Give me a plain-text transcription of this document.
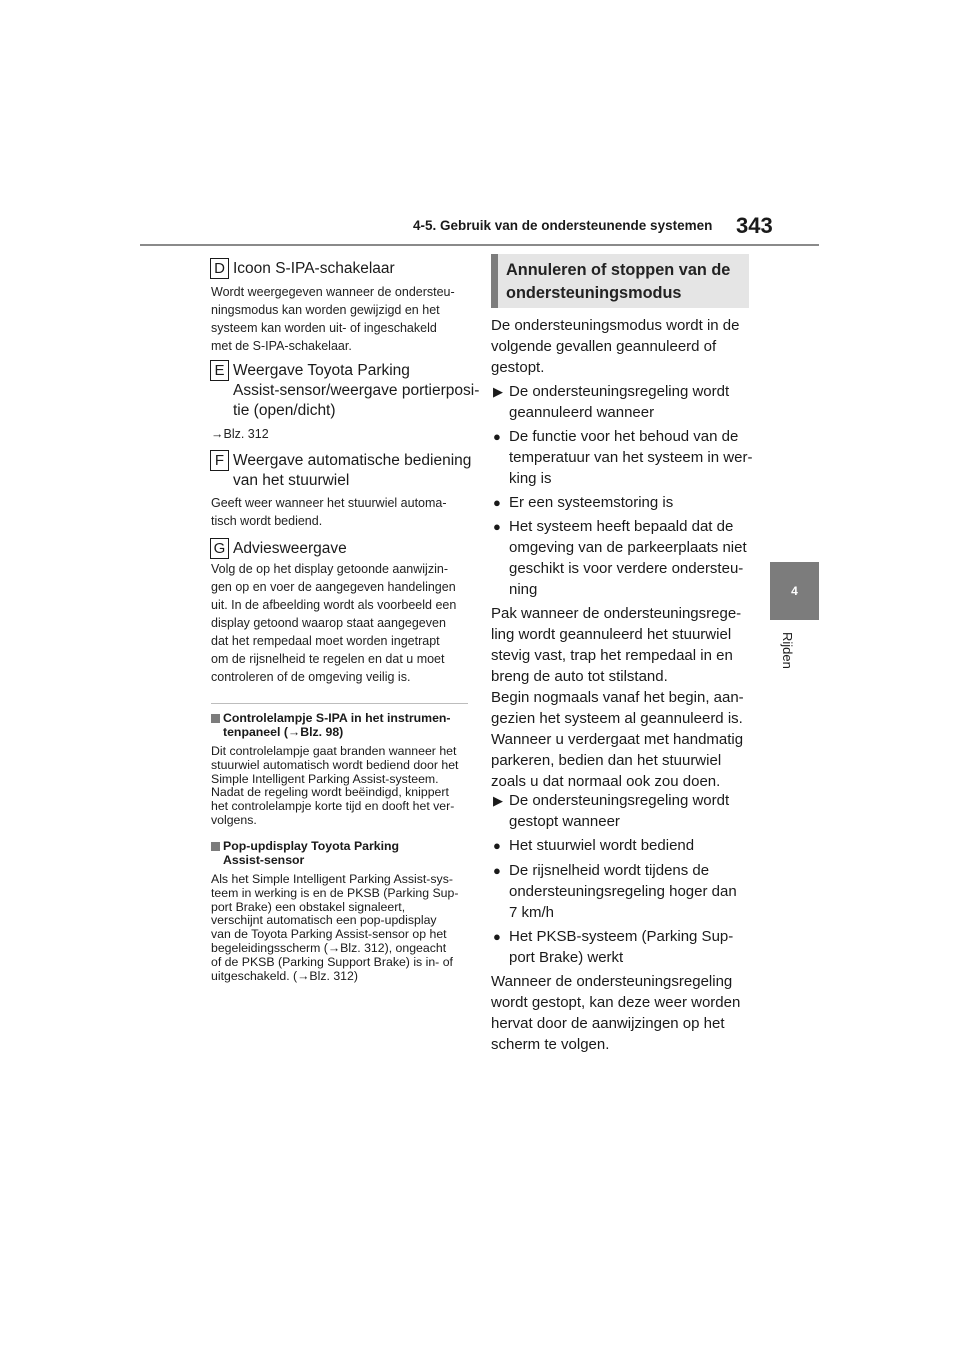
4-5. Gebruik van de ondersteunende systemen 343
4
Rijden
D Icoon S-IPA-schakelaar
Wordt weergegeven wanneer de ondersteu-
ningsmodus kan worden gewijzigd en het
systeem kan worden uit- of ingeschakeld
met de S-IPA-schakelaar.
E Weergave Toyota Parking
Assist-sensor/weergave portierposi-
tie (open/dicht)
→Blz. 312
F Weergave automatische bediening
van het stuurwiel
Geeft weer wanneer het stuurwiel automa-
tisch wordt bediend.
G Adviesweergave
Volg de op het display getoonde aanwijzin-
gen op en voer de aangegeven handelingen
uit. In de afbeelding wordt als voorbeeld een
display getoond waarop staat aangegeven
dat het rempedaal moet worden ingetrapt
om de rijsnelheid te regelen en dat u moet
controleren of de omgeving veilig is.
Controlelampje S-IPA in het instrumen-
tenpaneel (→Blz. 98)
Dit controlelampje gaat branden wanneer het
stuurwiel automatisch wordt bediend door het
Simple Intelligent Parking Assist-systeem.
Nadat de regeling wordt beëindigd, knippert
het controlelampje korte tijd en dooft het ver-
volgens.
Pop-updisplay Toyota Parking
Assist-sensor
Als het Simple Intelligent Parking Assist-sys-
teem in werking is en de PKSB (Parking Sup-
port Brake) een obstakel signaleert,
verschijnt automatisch een pop-updisplay
van de Toyota Parking Assist-sensor op het
begeleidingsscherm (→Blz. 312), ongeacht
of de PKSB (Parking Support Brake) is in- of
uitgeschakeld. (→Blz. 312)
Annuleren of stoppen van de
ondersteuningsmodus
De ondersteuningsmodus wordt in de
volgende gevallen geannuleerd of
gestopt.
▶ De ondersteuningsregeling wordt
geannuleerd wanneer
● De functie voor het behoud van de
temperatuur van het systeem in wer-
king is
● Er een systeemstoring is
● Het systeem heeft bepaald dat de
omgeving van de parkeerplaats niet
geschikt is voor verdere ondersteu-
ning
Pak wanneer de ondersteuningsrege-
ling wordt geannuleerd het stuurwiel
stevig vast, trap het rempedaal in en
breng de auto tot stilstand.
Begin nogmaals vanaf het begin, aan-
gezien het systeem al geannuleerd is.
Wanneer u verdergaat met handmatig
parkeren, bedien dan het stuurwiel
zoals u dat normaal ook zou doen.
▶ De ondersteuningsregeling wordt
gestopt wanneer
● Het stuurwiel wordt bediend
● De rijsnelheid wordt tijdens de
ondersteuningsregeling hoger dan
7 km/h
● Het PKSB-systeem (Parking Sup-
port Brake) werkt
Wanneer de ondersteuningsregeling
wordt gestopt, kan deze weer worden
hervat door de aanwijzingen op het
scherm te volgen.
